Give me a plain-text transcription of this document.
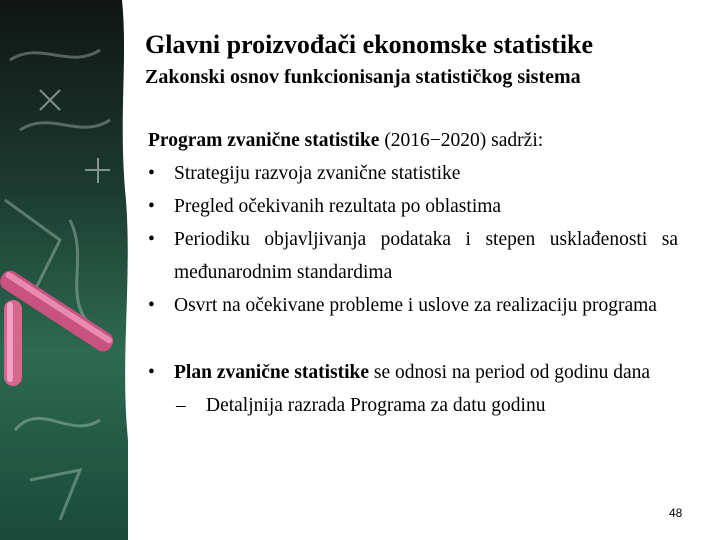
Glavni proizvođači ekonomske statistike
Zakonski osnov funkcionisanja statističkog sistema
Program zvanične statistike (2016−2020) sadrži:
• Strategiju razvoja zvanične statistike
• Pregled očekivanih rezultata po oblastima
• Periodiku objavljivanja podataka i stepen usklađenosti sa međunarodnim standardima
• Osvrt na očekivane probleme i uslove za realizaciju programa
• Plan zvanične statistike se odnosi na period od godinu dana
– Detaljnija razrada Programa za datu godinu
48
